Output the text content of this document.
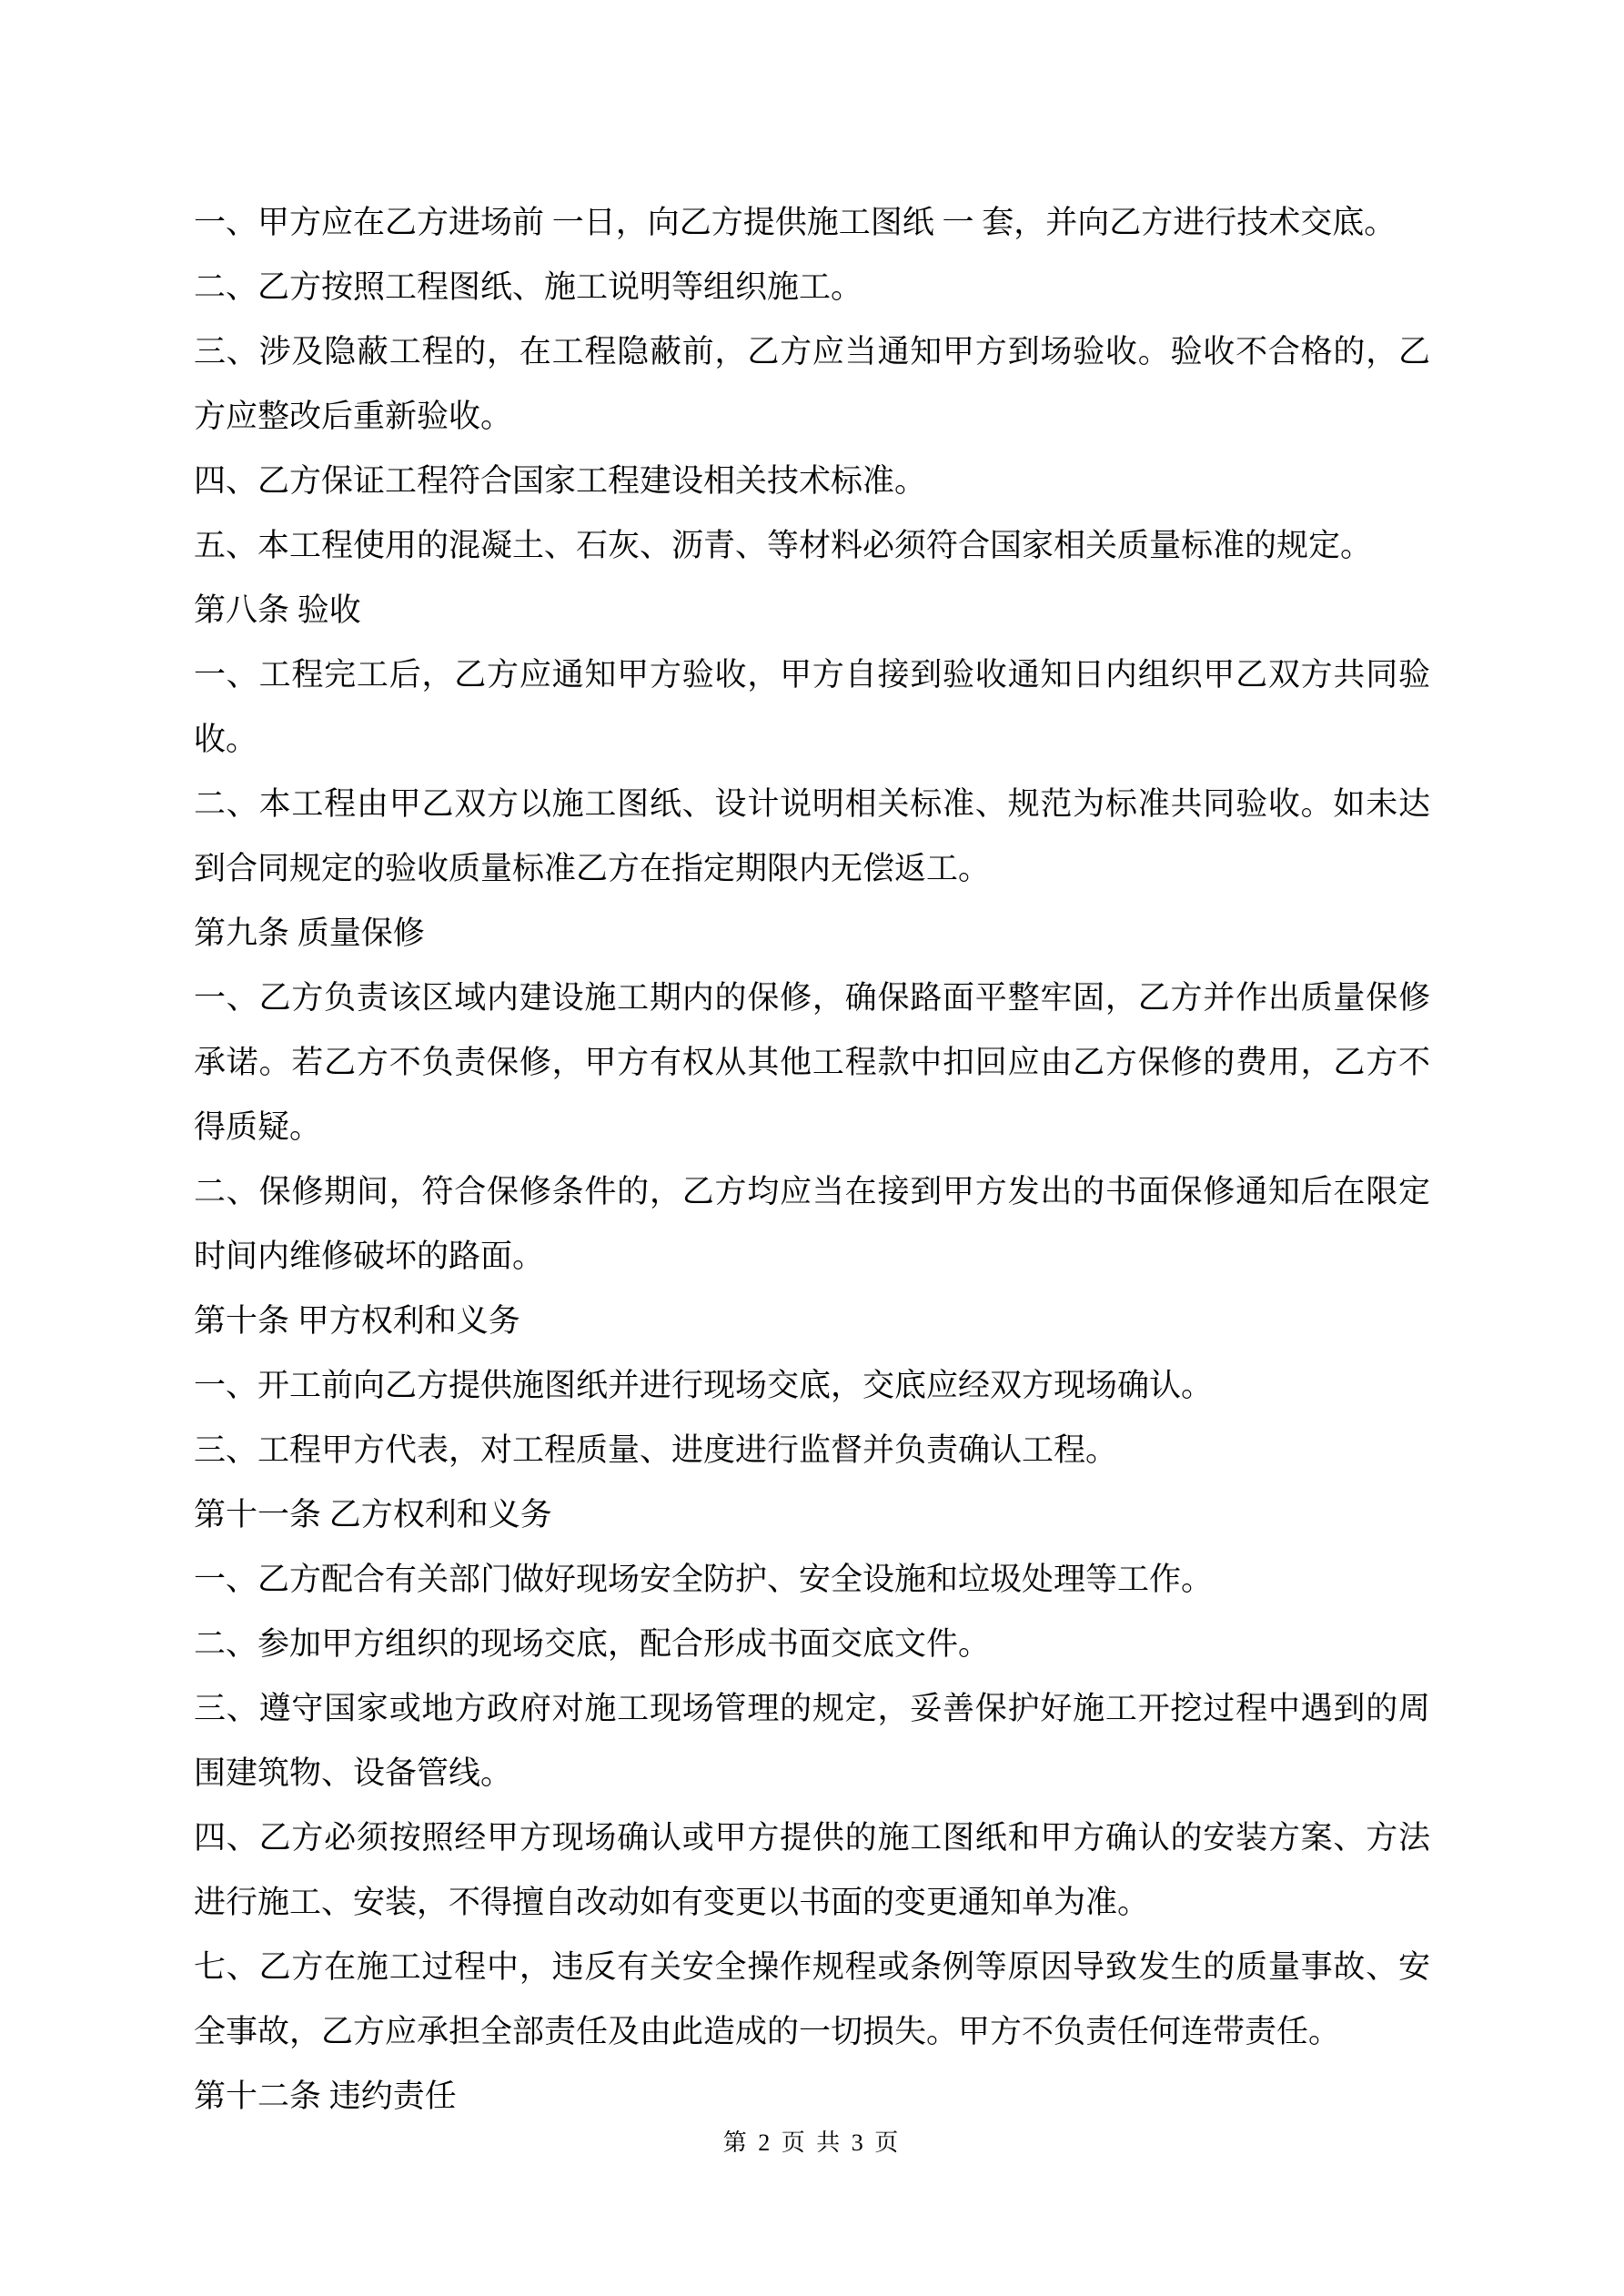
一、甲方应在乙方进场前 一日，向乙方提供施工图纸 一 套，并向乙方进行技术交底。

二、乙方按照工程图纸、施工说明等组织施工。

三、涉及隐蔽工程的，在工程隐蔽前，乙方应当通知甲方到场验收。验收不合格的，乙方应整改后重新验收。

四、乙方保证工程符合国家工程建设相关技术标准。

五、本工程使用的混凝土、石灰、沥青、等材料必须符合国家相关质量标准的规定。

第八条 验收

一、工程完工后，乙方应通知甲方验收，甲方自接到验收通知日内组织甲乙双方共同验收。

二、本工程由甲乙双方以施工图纸、设计说明相关标准、规范为标准共同验收。如未达到合同规定的验收质量标准乙方在指定期限内无偿返工。

第九条 质量保修

一、乙方负责该区域内建设施工期内的保修，确保路面平整牢固，乙方并作出质量保修承诺。若乙方不负责保修，甲方有权从其他工程款中扣回应由乙方保修的费用，乙方不得质疑。

二、保修期间，符合保修条件的，乙方均应当在接到甲方发出的书面保修通知后在限定时间内维修破坏的路面。

第十条 甲方权利和义务

一、开工前向乙方提供施图纸并进行现场交底，交底应经双方现场确认。

三、工程甲方代表，对工程质量、进度进行监督并负责确认工程。

第十一条 乙方权利和义务

一、乙方配合有关部门做好现场安全防护、安全设施和垃圾处理等工作。

二、参加甲方组织的现场交底，配合形成书面交底文件。

三、遵守国家或地方政府对施工现场管理的规定，妥善保护好施工开挖过程中遇到的周围建筑物、设备管线。

四、乙方必须按照经甲方现场确认或甲方提供的施工图纸和甲方确认的安装方案、方法进行施工、安装，不得擅自改动如有变更以书面的变更通知单为准。

七、乙方在施工过程中，违反有关安全操作规程或条例等原因导致发生的质量事故、安全事故，乙方应承担全部责任及由此造成的一切损失。甲方不负责任何连带责任。

第十二条 违约责任

第 2 页 共 3 页
